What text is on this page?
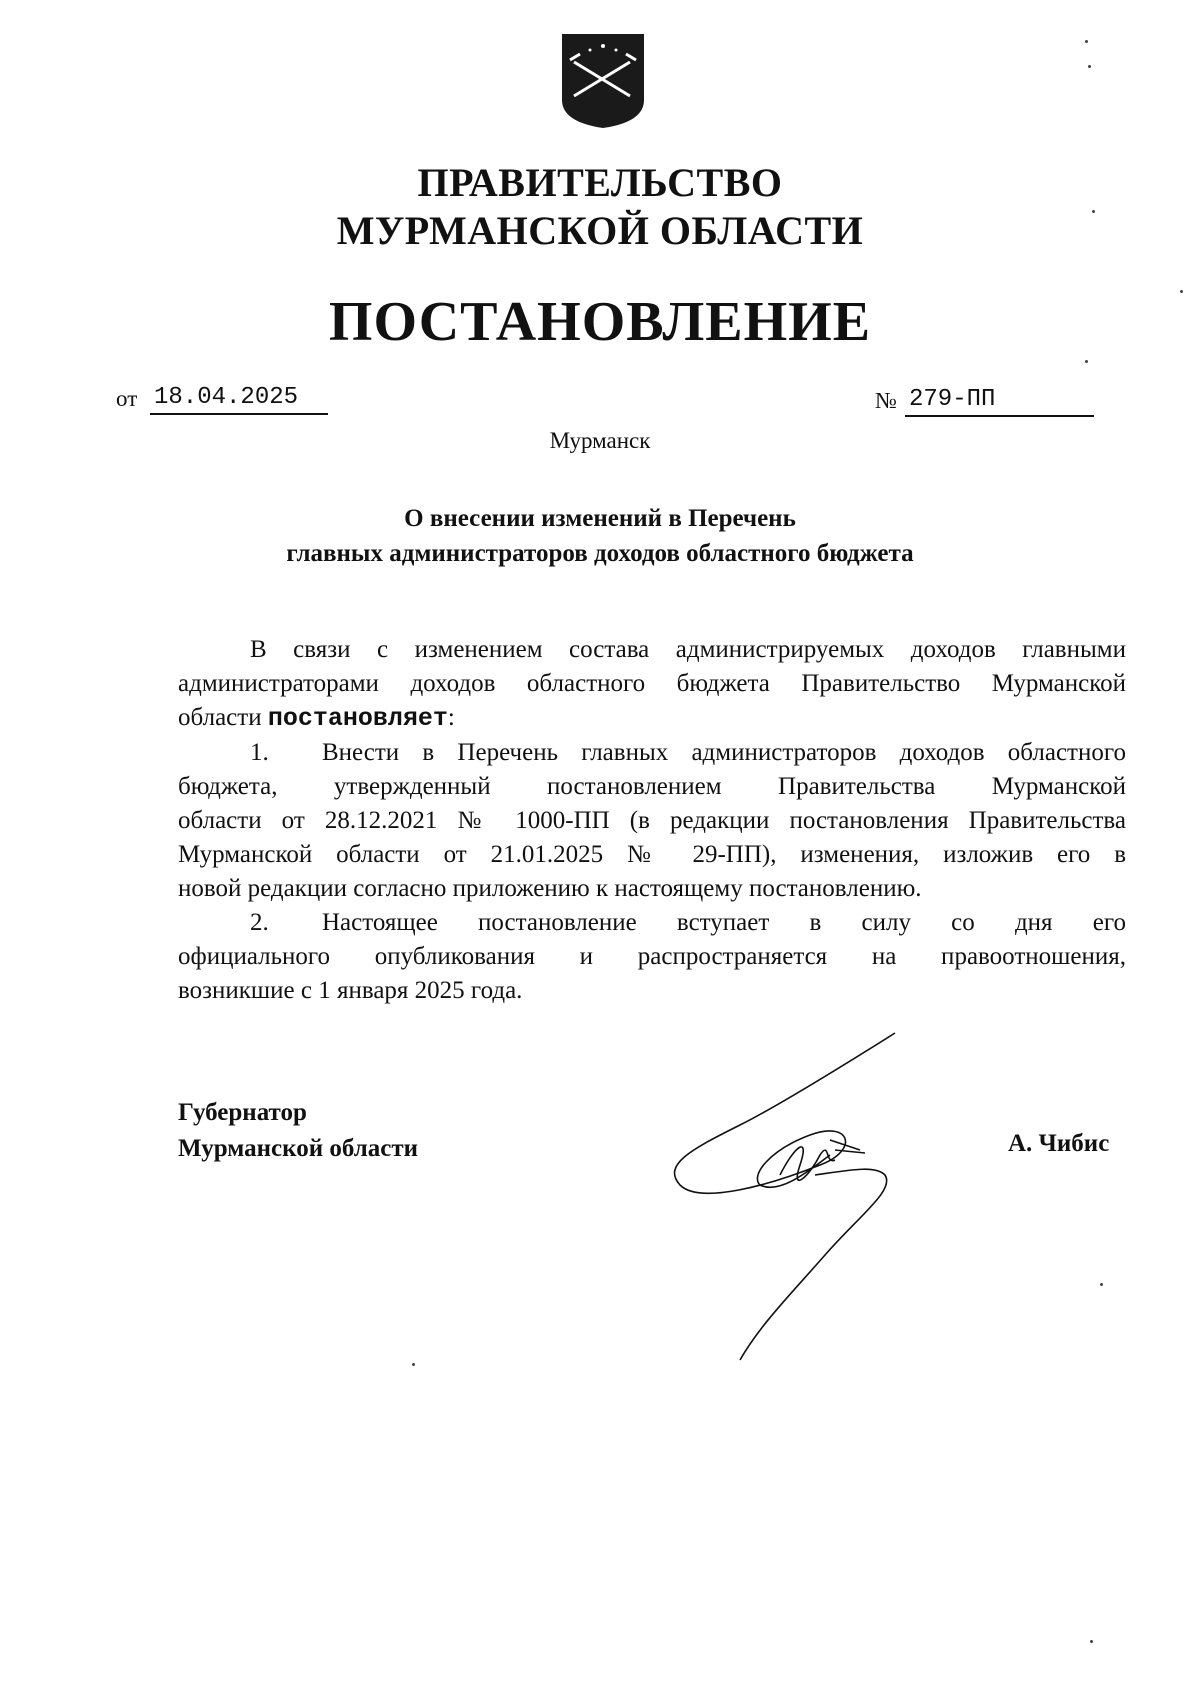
ПРАВИТЕЛЬСТВО
МУРМАНСКОЙ ОБЛАСТИ
ПОСТАНОВЛЕНИЕ
от 18.04.2025	№ 279-ПП
Мурманск
О внесении изменений в Перечень
главных администраторов доходов областного бюджета
В связи с изменением состава администрируемых доходов главными
администраторами доходов областного бюджета Правительство Мурманской
области постановляет:
1. Внести в Перечень главных администраторов доходов областного
бюджета, утвержденный постановлением Правительства Мурманской
области от 28.12.2021 № 1000-ПП (в редакции постановления Правительства
Мурманской области от 21.01.2025 № 29-ПП), изменения, изложив его в
новой редакции согласно приложению к настоящему постановлению.
2. Настоящее постановление вступает в силу со дня его
официального опубликования и распространяется на правоотношения,
возникшие с 1 января 2025 года.
Губернатор
Мурманской области	А. Чибис
